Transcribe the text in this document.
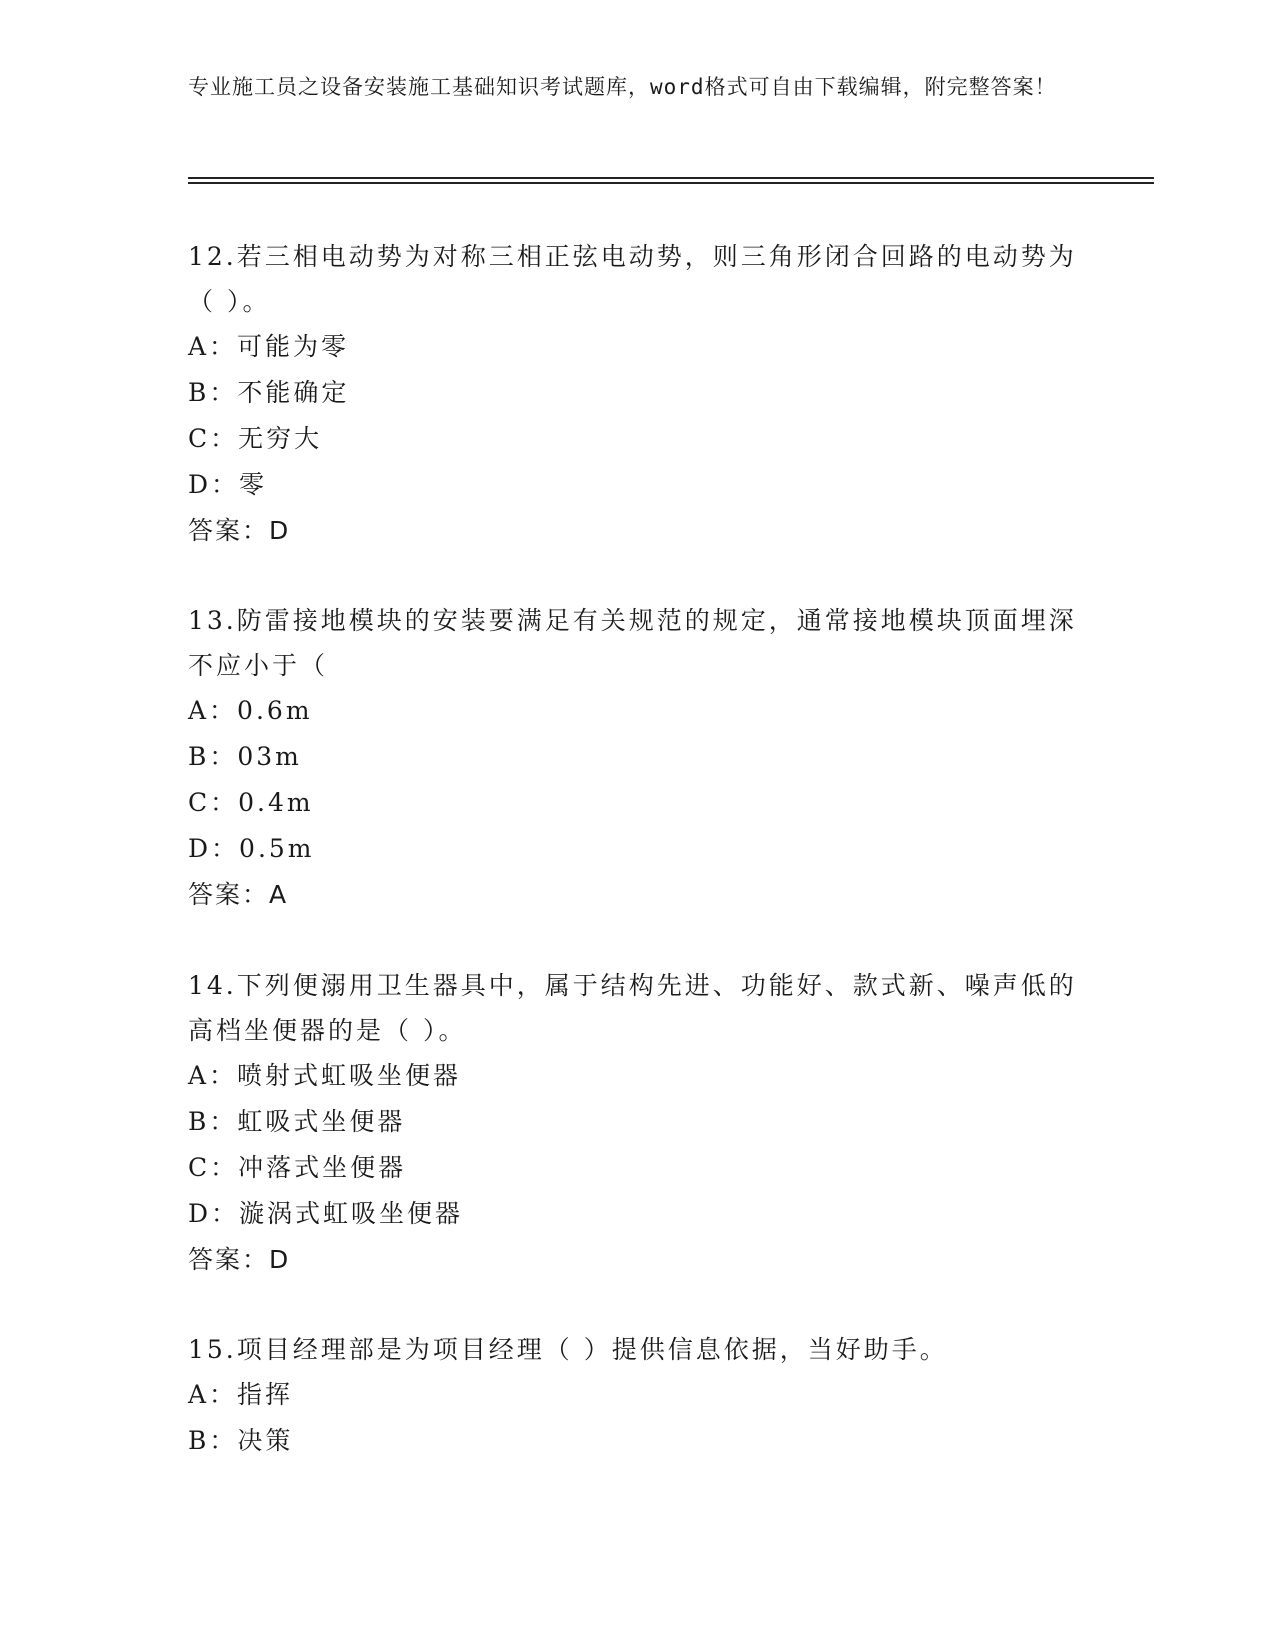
专业施工员之设备安装施工基础知识考试题库，word格式可自由下载编辑，附完整答案！
12.若三相电动势为对称三相正弦电动势，则三角形闭合回路的电动势为（ ）。
A：可能为零
B：不能确定
C：无穷大
D：零
答案：D
13.防雷接地模块的安装要满足有关规范的规定，通常接地模块顶面埋深不应小于（
A：0.6m
B：03m
C：0.4m
D：0.5m
答案：A
14.下列便溺用卫生器具中，属于结构先进、功能好、款式新、噪声低的高档坐便器的是（ ）。
A：喷射式虹吸坐便器
B：虹吸式坐便器
C：冲落式坐便器
D：漩涡式虹吸坐便器
答案：D
15.项目经理部是为项目经理（ ）提供信息依据，当好助手。
A：指挥
B：决策
